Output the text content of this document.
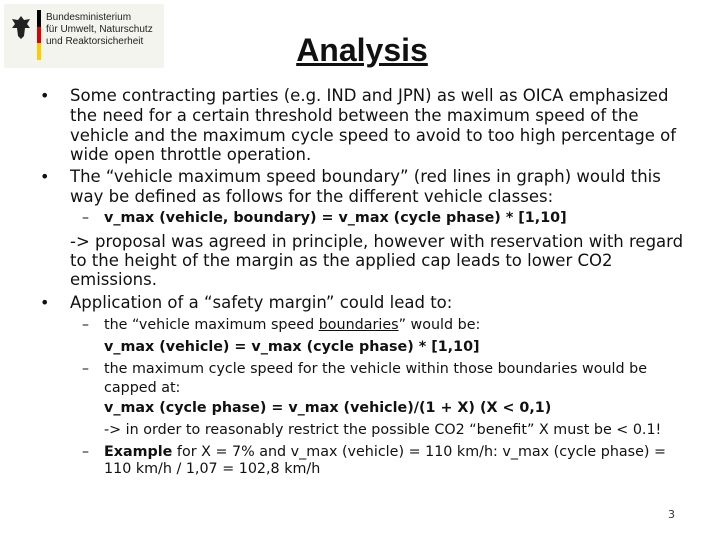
Bundesministerium
für Umwelt, Naturschutz
und Reaktorsicherheit	Analysis
• Some contracting parties (e.g. IND and JPN) as well as OICA emphasized

the need for a certain threshold between the maximum speed of the

vehicle and the maximum cycle speed to avoid to too high percentage of

wide open throttle operation.

• The “vehicle maximum speed boundary” (red lines in graph) would this

way be defined as follows for the different vehicle classes:

– v_max (vehicle, boundary) = v_max (cycle phase) * [1,10]

-> proposal was agreed in principle, however with reservation with regard

to the height of the margin as the applied cap leads to lower CO2

emissions.

• Application of a “safety margin” could lead to:

– the “vehicle maximum speed boundaries” would be:

v_max (vehicle) = v_max (cycle phase) * [1,10]

– the maximum cycle speed for the vehicle within those boundaries would be

capped at:

v_max (cycle phase) = v_max (vehicle)/(1 + X) (X < 0,1)

-> in order to reasonably restrict the possible CO2 “benefit” X must be < 0.1!

– Example for X = 7% and v_max (vehicle) = 110 km/h: v_max (cycle phase) =

110 km/h / 1,07 = 102,8 km/h

3
